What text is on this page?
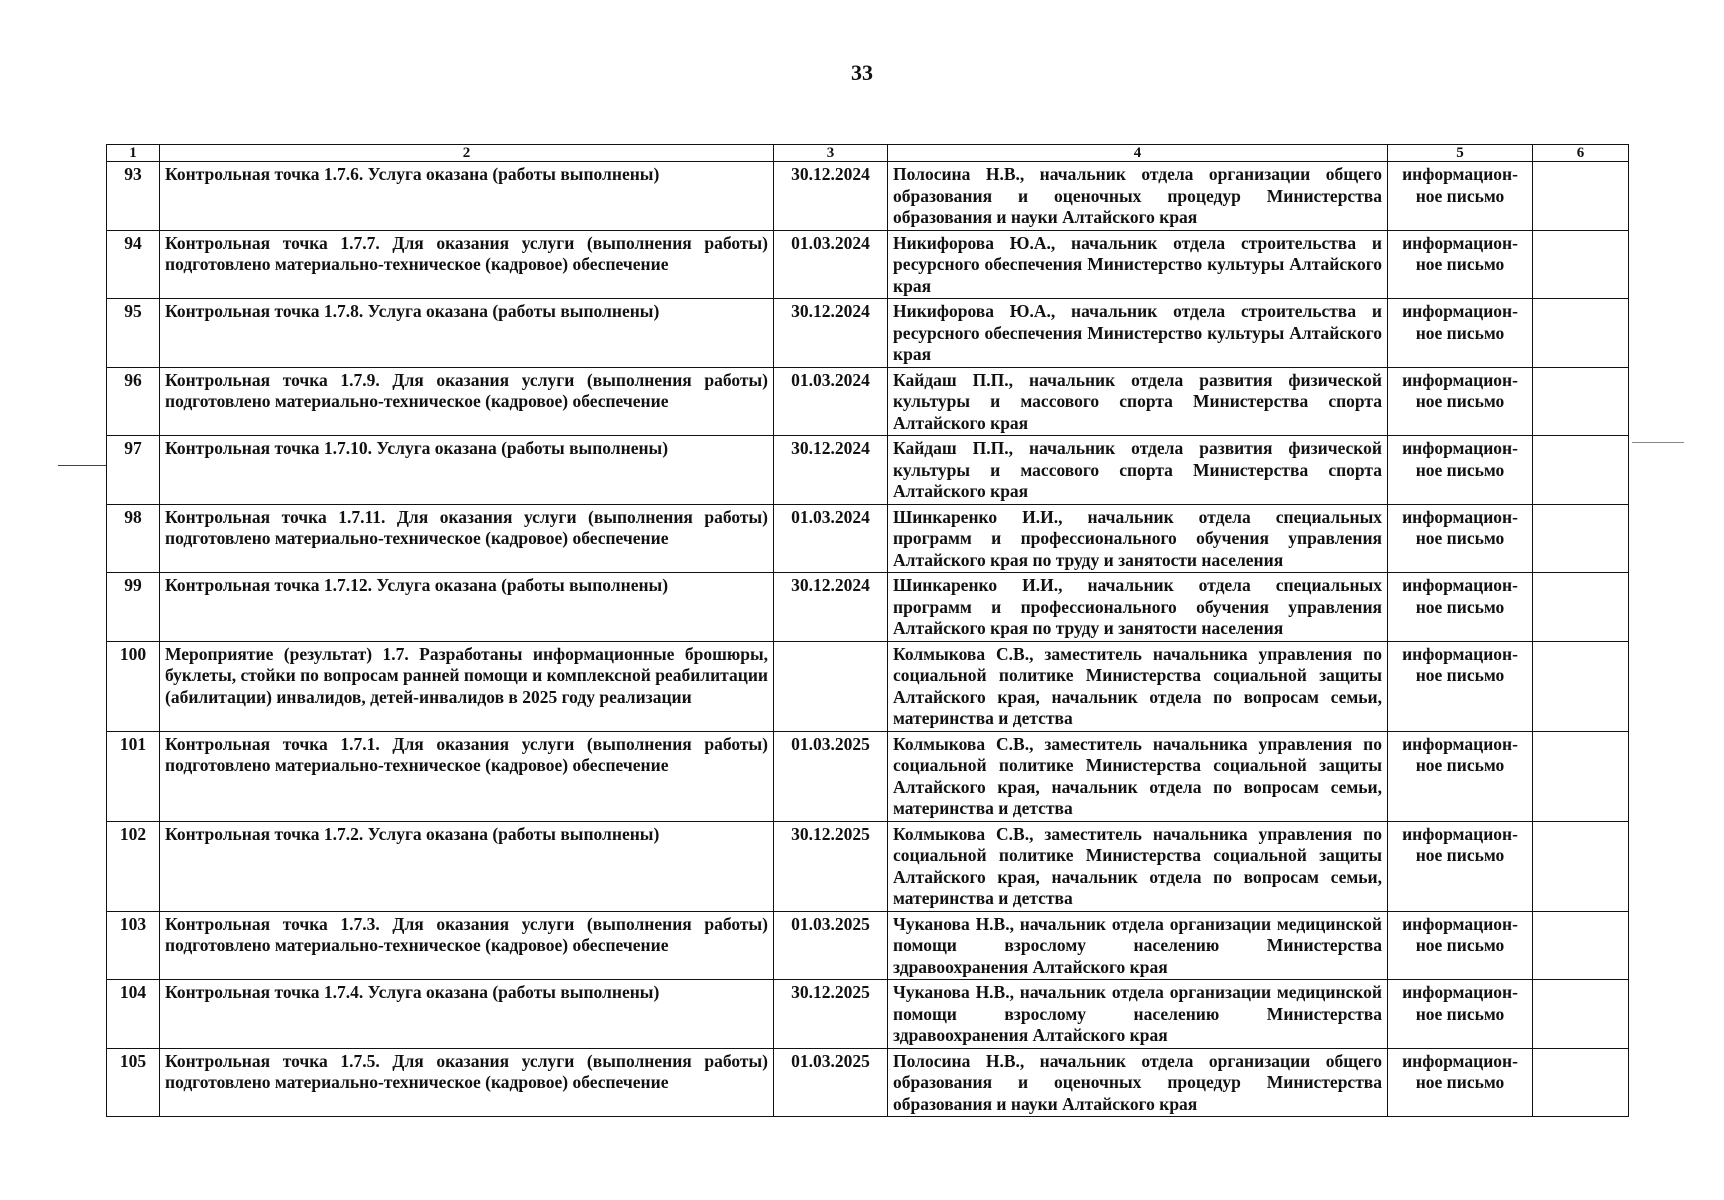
33
1	2	3	4	5	6
93	Контрольная точка 1.7.6. Услуга оказана (работы выполнены)	30.12.2024	Полосина Н.В., начальник отдела организации общего образования и оценочных процедур Министерства образования и науки Алтайского края	информацион-ное письмо	
94	Контрольная точка 1.7.7. Для оказания услуги (выполнения работы) подготовлено материально-техническое (кадровое) обеспечение	01.03.2024	Никифорова Ю.А., начальник отдела строительства и ресурсного обеспечения Министерство культуры Алтайского края	информацион-ное письмо	
95	Контрольная точка 1.7.8. Услуга оказана (работы выполнены)	30.12.2024	Никифорова Ю.А., начальник отдела строительства и ресурсного обеспечения Министерство культуры Алтайского края	информацион-ное письмо	
96	Контрольная точка 1.7.9. Для оказания услуги (выполнения работы) подготовлено материально-техническое (кадровое) обеспечение	01.03.2024	Кайдаш П.П., начальник отдела развития физической культуры и массового спорта Министерства спорта Алтайского края	информацион-ное письмо	
97	Контрольная точка 1.7.10. Услуга оказана (работы выполнены)	30.12.2024	Кайдаш П.П., начальник отдела развития физической культуры и массового спорта Министерства спорта Алтайского края	информацион-ное письмо	
98	Контрольная точка 1.7.11. Для оказания услуги (выполнения работы) подготовлено материально-техническое (кадровое) обеспечение	01.03.2024	Шинкаренко И.И., начальник отдела специальных программ и профессионального обучения управления Алтайского края по труду и занятости населения	информацион-ное письмо	
99	Контрольная точка 1.7.12. Услуга оказана (работы выполнены)	30.12.2024	Шинкаренко И.И., начальник отдела специальных программ и профессионального обучения управления Алтайского края по труду и занятости населения	информацион-ное письмо	
100	Мероприятие (результат) 1.7. Разработаны информационные брошюры, буклеты, стойки по вопросам ранней помощи и комплексной реабилитации (абилитации) инвалидов, детей-инвалидов в 2025 году реализации		Колмыкова С.В., заместитель начальника управления по социальной политике Министерства социальной защиты Алтайского края, начальник отдела по вопросам семьи, материнства и детства	информацион-ное письмо	
101	Контрольная точка 1.7.1. Для оказания услуги (выполнения работы) подготовлено материально-техническое (кадровое) обеспечение	01.03.2025	Колмыкова С.В., заместитель начальника управления по социальной политике Министерства социальной защиты Алтайского края, начальник отдела по вопросам семьи, материнства и детства	информацион-ное письмо	
102	Контрольная точка 1.7.2. Услуга оказана (работы выполнены)	30.12.2025	Колмыкова С.В., заместитель начальника управления по социальной политике Министерства социальной защиты Алтайского края, начальник отдела по вопросам семьи, материнства и детства	информацион-ное письмо	
103	Контрольная точка 1.7.3. Для оказания услуги (выполнения работы) подготовлено материально-техническое (кадровое) обеспечение	01.03.2025	Чуканова Н.В., начальник отдела организации медицинской помощи взрослому населению Министерства здравоохранения Алтайского края	информацион-ное письмо	
104	Контрольная точка 1.7.4. Услуга оказана (работы выполнены)	30.12.2025	Чуканова Н.В., начальник отдела организации медицинской помощи взрослому населению Министерства здравоохранения Алтайского края	информацион-ное письмо	
105	Контрольная точка 1.7.5. Для оказания услуги (выполнения работы) подготовлено материально-техническое (кадровое) обеспечение	01.03.2025	Полосина Н.В., начальник отдела организации общего образования и оценочных процедур Министерства образования и науки Алтайского края	информацион-ное письмо	
